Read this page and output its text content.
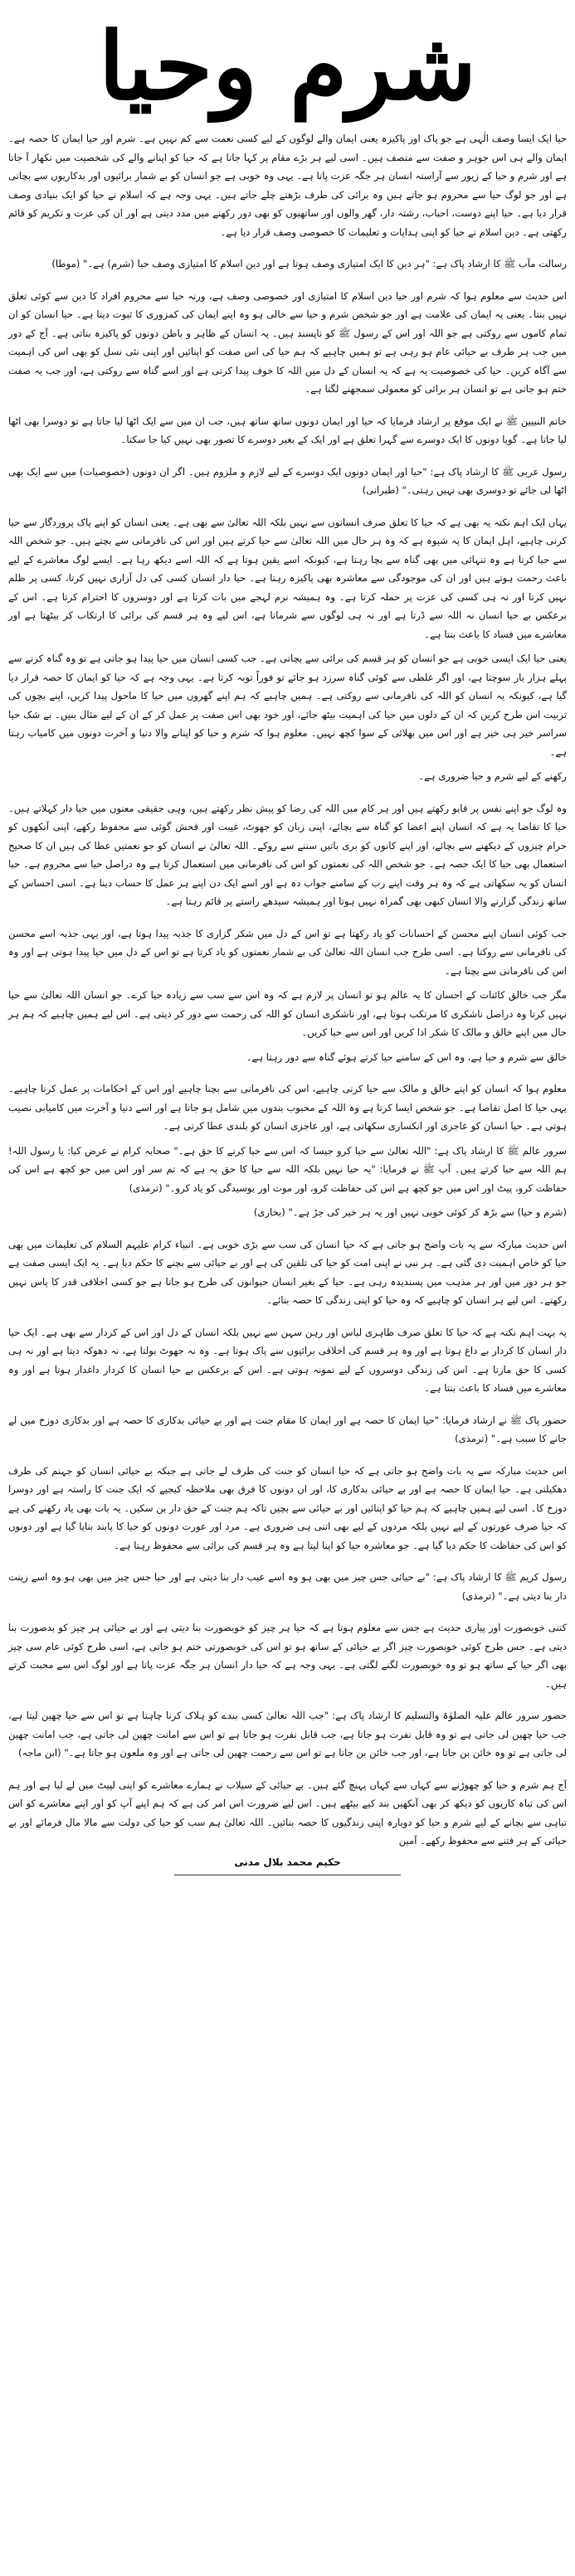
شرم وحیا

حیا ایک ایسا وصف الٰہی ہے جو پاک اور پاکیزہ یعنی ایمان والے لوگوں کے لیے کسی نعمت سے کم نہیں ہے۔ شرم اور حیا ایمان کا حصہ ہے۔ ایمان والے ہی اس جوہر و صفت سے متصف ہیں۔ اسی لیے ہر بڑے مقام پر کہا جاتا ہے کہ حیا کو اپنانے والے کی شخصیت میں نکھار آ جاتا ہے اور شرم و حیا کے زیور سے آراستہ انسان ہر جگہ عزت پاتا ہے۔ یہی وہ خوبی ہے جو انسان کو بے شمار برائیوں اور بدکاریوں سے بچاتی ہے اور جو لوگ حیا سے محروم ہو جاتے ہیں وہ برائی کی طرف بڑھتے چلے جاتے ہیں۔ یہی وجہ ہے کہ اسلام نے حیا کو ایک بنیادی وصف قرار دیا ہے۔ حیا اپنے دوست، احباب، رشتہ دار، گھر والوں اور ساتھیوں کو بھی دور رکھنے میں مدد دیتی ہے اور ان کی عزت و تکریم کو قائم رکھتی ہے۔ دین اسلام نے حیا کو اپنی ہدایات و تعلیمات کا خصوصی وصف قرار دیا ہے۔

رسالت مآب ﷺ کا ارشاد پاک ہے: "ہر دین کا ایک امتیازی وصف ہوتا ہے اور دین اسلام کا امتیازی وصف حیا (شرم) ہے۔" (موطا)

اس حدیث سے معلوم ہوا کہ شرم اور حیا دین اسلام کا امتیازی اور خصوصی وصف ہے، ورنہ حیا سے محروم افراد کا دین سے کوئی تعلق نہیں بنتا۔ یعنی یہ ایمان کی علامت ہے اور جو شخص شرم و حیا سے خالی ہو وہ اپنے ایمان کی کمزوری کا ثبوت دیتا ہے۔ حیا انسان کو ان تمام کاموں سے روکتی ہے جو اللہ اور اس کے رسول ﷺ کو ناپسند ہیں۔ یہ انسان کے ظاہر و باطن دونوں کو پاکیزہ بناتی ہے۔ آج کے دور میں جب ہر طرف بے حیائی عام ہو رہی ہے تو ہمیں چاہیے کہ ہم حیا کی اس صفت کو اپنائیں اور اپنی نئی نسل کو بھی اس کی اہمیت سے آگاہ کریں۔ حیا کی خصوصیت یہ ہے کہ یہ انسان کے دل میں اللہ کا خوف پیدا کرتی ہے اور اسے گناہ سے روکتی ہے، اور جب یہ صفت ختم ہو جاتی ہے تو انسان ہر برائی کو معمولی سمجھنے لگتا ہے۔

خاتم النبیین ﷺ نے ایک موقع پر ارشاد فرمایا کہ حیا اور ایمان دونوں ساتھ ساتھ ہیں، جب ان میں سے ایک اٹھا لیا جاتا ہے تو دوسرا بھی اٹھا لیا جاتا ہے۔ گویا دونوں کا ایک دوسرے سے گہرا تعلق ہے اور ایک کے بغیر دوسرے کا تصور بھی نہیں کیا جا سکتا۔

رسول عربی ﷺ کا ارشاد پاک ہے: "حیا اور ایمان دونوں ایک دوسرے کے لیے لازم و ملزوم ہیں۔ اگر ان دونوں (خصوصیات) میں سے ایک بھی اٹھا لی جائے تو دوسری بھی نہیں رہتی۔" (طبرانی)

یہاں ایک اہم نکتہ یہ بھی ہے کہ حیا کا تعلق صرف انسانوں سے نہیں بلکہ اللہ تعالیٰ سے بھی ہے۔ یعنی انسان کو اپنے پاک پروردگار سے حیا کرنی چاہیے، اہل ایمان کا یہ شیوہ ہے کہ وہ ہر حال میں اللہ تعالیٰ سے حیا کرتے ہیں اور اس کی نافرمانی سے بچتے ہیں۔ جو شخص اللہ سے حیا کرتا ہے وہ تنہائی میں بھی گناہ سے بچا رہتا ہے، کیونکہ اسے یقین ہوتا ہے کہ اللہ اسے دیکھ رہا ہے۔ ایسے لوگ معاشرے کے لیے باعث رحمت ہوتے ہیں اور ان کی موجودگی سے معاشرہ بھی پاکیزہ رہتا ہے۔ حیا دار انسان کسی کی دل آزاری نہیں کرتا، کسی پر ظلم نہیں کرتا اور نہ ہی کسی کی عزت پر حملہ کرتا ہے۔ وہ ہمیشہ نرم لہجے میں بات کرتا ہے اور دوسروں کا احترام کرتا ہے۔ اس کے برعکس بے حیا انسان نہ اللہ سے ڈرتا ہے اور نہ ہی لوگوں سے شرماتا ہے، اس لیے وہ ہر قسم کی برائی کا ارتکاب کر بیٹھتا ہے اور معاشرے میں فساد کا باعث بنتا ہے۔

یعنی حیا ایک ایسی خوبی ہے جو انسان کو ہر قسم کی برائی سے بچاتی ہے۔ جب کسی انسان میں حیا پیدا ہو جاتی ہے تو وہ گناہ کرنے سے پہلے ہزار بار سوچتا ہے، اور اگر غلطی سے کوئی گناہ سرزد ہو جائے تو فوراً توبہ کرتا ہے۔ یہی وجہ ہے کہ حیا کو ایمان کا حصہ قرار دیا گیا ہے، کیونکہ یہ انسان کو اللہ کی نافرمانی سے روکتی ہے۔ ہمیں چاہیے کہ ہم اپنے گھروں میں حیا کا ماحول پیدا کریں، اپنے بچوں کی تربیت اس طرح کریں کہ ان کے دلوں میں حیا کی اہمیت بیٹھ جائے، اور خود بھی اس صفت پر عمل کر کے ان کے لیے مثال بنیں۔ بے شک حیا سراسر خیر ہی خیر ہے اور اس میں بھلائی کے سوا کچھ نہیں۔ معلوم ہوا کہ شرم و حیا کو اپنانے والا دنیا و آخرت دونوں میں کامیاب رہتا ہے۔

رکھنے کے لیے شرم و حیا ضروری ہے۔

وہ لوگ جو اپنے نفس پر قابو رکھتے ہیں اور ہر کام میں اللہ کی رضا کو پیش نظر رکھتے ہیں، وہی حقیقی معنوں میں حیا دار کہلاتے ہیں۔ حیا کا تقاضا یہ ہے کہ انسان اپنے اعضا کو گناہ سے بچائے، اپنی زبان کو جھوٹ، غیبت اور فحش گوئی سے محفوظ رکھے، اپنی آنکھوں کو حرام چیزوں کے دیکھنے سے بچائے، اور اپنے کانوں کو بری باتیں سننے سے روکے۔ اللہ تعالیٰ نے انسان کو جو نعمتیں عطا کی ہیں ان کا صحیح استعمال بھی حیا کا ایک حصہ ہے۔ جو شخص اللہ کی نعمتوں کو اس کی نافرمانی میں استعمال کرتا ہے وہ دراصل حیا سے محروم ہے۔ حیا انسان کو یہ سکھاتی ہے کہ وہ ہر وقت اپنے رب کے سامنے جواب دہ ہے اور اسے ایک دن اپنے ہر عمل کا حساب دینا ہے۔ اسی احساس کے ساتھ زندگی گزارنے والا انسان کبھی بھی گمراہ نہیں ہوتا اور ہمیشہ سیدھے راستے پر قائم رہتا ہے۔

جب کوئی انسان اپنے محسن کے احسانات کو یاد رکھتا ہے تو اس کے دل میں شکر گزاری کا جذبہ پیدا ہوتا ہے، اور یہی جذبہ اسے محسن کی نافرمانی سے روکتا ہے۔ اسی طرح جب انسان اللہ تعالیٰ کی بے شمار نعمتوں کو یاد کرتا ہے تو اس کے دل میں حیا پیدا ہوتی ہے اور وہ اس کی نافرمانی سے بچتا ہے۔

مگر جب خالق کائنات کے احسان کا یہ عالم ہو تو انسان پر لازم ہے کہ وہ اس سے سب سے زیادہ حیا کرے۔ جو انسان اللہ تعالیٰ سے حیا نہیں کرتا وہ دراصل ناشکری کا مرتکب ہوتا ہے، اور ناشکری انسان کو اللہ کی رحمت سے دور کر دیتی ہے۔ اس لیے ہمیں چاہیے کہ ہم ہر حال میں اپنے خالق و مالک کا شکر ادا کریں اور اس سے حیا کریں۔

خالق سے شرم و حیا ہے، وہ اس کے سامنے حیا کرتے ہوئے گناہ سے دور رہتا ہے۔

معلوم ہوا کہ انسان کو اپنے خالق و مالک سے حیا کرنی چاہیے، اس کی نافرمانی سے بچنا چاہیے اور اس کے احکامات پر عمل کرنا چاہیے۔ یہی حیا کا اصل تقاضا ہے۔ جو شخص ایسا کرتا ہے وہ اللہ کے محبوب بندوں میں شامل ہو جاتا ہے اور اسے دنیا و آخرت میں کامیابی نصیب ہوتی ہے۔ حیا انسان کو عاجزی اور انکساری سکھاتی ہے، اور عاجزی انسان کو بلندی عطا کرتی ہے۔

سرور عالم ﷺ کا ارشاد پاک ہے: "اللہ تعالیٰ سے حیا کرو جیسا کہ اس سے حیا کرنے کا حق ہے۔" صحابہ کرام نے عرض کیا: یا رسول اللہ! ہم اللہ سے حیا کرتے ہیں۔ آپ ﷺ نے فرمایا: "یہ حیا نہیں بلکہ اللہ سے حیا کا حق یہ ہے کہ تم سر اور اس میں جو کچھ ہے اس کی حفاظت کرو، پیٹ اور اس میں جو کچھ ہے اس کی حفاظت کرو، اور موت اور بوسیدگی کو یاد کرو۔" (ترمذی)

(شرم و حیا) سے بڑھ کر کوئی خوبی نہیں اور یہ ہر خیر کی جڑ ہے۔" (بخاری)

اس حدیث مبارکہ سے یہ بات واضح ہو جاتی ہے کہ حیا انسان کی سب سے بڑی خوبی ہے۔ انبیاء کرام علیہم السلام کی تعلیمات میں بھی حیا کو خاص اہمیت دی گئی ہے۔ ہر نبی نے اپنی امت کو حیا کی تلقین کی ہے اور بے حیائی سے بچنے کا حکم دیا ہے۔ یہ ایک ایسی صفت ہے جو ہر دور میں اور ہر مذہب میں پسندیدہ رہی ہے۔ حیا کے بغیر انسان حیوانوں کی طرح ہو جاتا ہے جو کسی اخلاقی قدر کا پاس نہیں رکھتے۔ اس لیے ہر انسان کو چاہیے کہ وہ حیا کو اپنی زندگی کا حصہ بنائے۔

یہ بہت اہم نکتہ ہے کہ حیا کا تعلق صرف ظاہری لباس اور رہن سہن سے نہیں بلکہ انسان کے دل اور اس کے کردار سے بھی ہے۔ ایک حیا دار انسان کا کردار بے داغ ہوتا ہے اور وہ ہر قسم کی اخلاقی برائیوں سے پاک ہوتا ہے۔ وہ نہ جھوٹ بولتا ہے، نہ دھوکہ دیتا ہے اور نہ ہی کسی کا حق مارتا ہے۔ اس کی زندگی دوسروں کے لیے نمونہ ہوتی ہے۔ اس کے برعکس بے حیا انسان کا کردار داغدار ہوتا ہے اور وہ معاشرے میں فساد کا باعث بنتا ہے۔

حضور پاک ﷺ نے ارشاد فرمایا: "حیا ایمان کا حصہ ہے اور ایمان کا مقام جنت ہے اور بے حیائی بدکاری کا حصہ ہے اور بدکاری دوزخ میں لے جانے کا سبب ہے۔" (ترمذی)

اس حدیث مبارکہ سے یہ بات واضح ہو جاتی ہے کہ حیا انسان کو جنت کی طرف لے جاتی ہے جبکہ بے حیائی انسان کو جہنم کی طرف دھکیلتی ہے۔ حیا ایمان کا حصہ ہے اور بے حیائی بدکاری کا، اور ان دونوں کا فرق بھی ملاحظہ کیجیے کہ ایک جنت کا راستہ ہے اور دوسرا دوزخ کا۔ اسی لیے ہمیں چاہیے کہ ہم حیا کو اپنائیں اور بے حیائی سے بچیں تاکہ ہم جنت کے حق دار بن سکیں۔ یہ بات بھی یاد رکھنے کی ہے کہ حیا صرف عورتوں کے لیے نہیں بلکہ مردوں کے لیے بھی اتنی ہی ضروری ہے۔ مرد اور عورت دونوں کو حیا کا پابند بنایا گیا ہے اور دونوں کو اس کی حفاظت کا حکم دیا گیا ہے۔ جو معاشرہ حیا کو اپنا لیتا ہے وہ ہر قسم کی برائی سے محفوظ رہتا ہے۔

رسول کریم ﷺ کا ارشاد پاک ہے: "بے حیائی جس چیز میں بھی ہو وہ اسے عیب دار بنا دیتی ہے اور حیا جس چیز میں بھی ہو وہ اسے زینت دار بنا دیتی ہے۔" (ترمذی)

کتنی خوبصورت اور پیاری حدیث ہے جس سے معلوم ہوتا ہے کہ حیا ہر چیز کو خوبصورت بنا دیتی ہے اور بے حیائی ہر چیز کو بدصورت بنا دیتی ہے۔ جس طرح کوئی خوبصورت چیز اگر بے حیائی کے ساتھ ہو تو اس کی خوبصورتی ختم ہو جاتی ہے، اسی طرح کوئی عام سی چیز بھی اگر حیا کے ساتھ ہو تو وہ خوبصورت لگنے لگتی ہے۔ یہی وجہ ہے کہ حیا دار انسان ہر جگہ عزت پاتا ہے اور لوگ اس سے محبت کرتے ہیں۔

حضور سرور عالم علیہ الصلوٰۃ والتسلیم کا ارشاد پاک ہے: "جب اللہ تعالیٰ کسی بندے کو ہلاک کرنا چاہتا ہے تو اس سے حیا چھین لیتا ہے، جب حیا چھین لی جاتی ہے تو وہ قابل نفرت ہو جاتا ہے، جب قابل نفرت ہو جاتا ہے تو اس سے امانت چھین لی جاتی ہے، جب امانت چھین لی جاتی ہے تو وہ خائن بن جاتا ہے، اور جب خائن بن جاتا ہے تو اس سے رحمت چھین لی جاتی ہے اور وہ ملعون ہو جاتا ہے۔" (ابن ماجہ)

آج ہم شرم و حیا کو چھوڑنے سے کہاں سے کہاں پہنچ گئے ہیں۔ بے حیائی کے سیلاب نے ہمارے معاشرے کو اپنی لپیٹ میں لے لیا ہے اور ہم اس کی تباہ کاریوں کو دیکھ کر بھی آنکھیں بند کیے بیٹھے ہیں۔ اس لیے ضرورت اس امر کی ہے کہ ہم اپنے آپ کو اور اپنے معاشرے کو اس تباہی سے بچانے کے لیے شرم و حیا کو دوبارہ اپنی زندگیوں کا حصہ بنائیں۔ اللہ تعالیٰ ہم سب کو حیا کی دولت سے مالا مال فرمائے اور بے حیائی کے ہر فتنے سے محفوظ رکھے۔ آمین

حکیم محمد بلال مدنی
